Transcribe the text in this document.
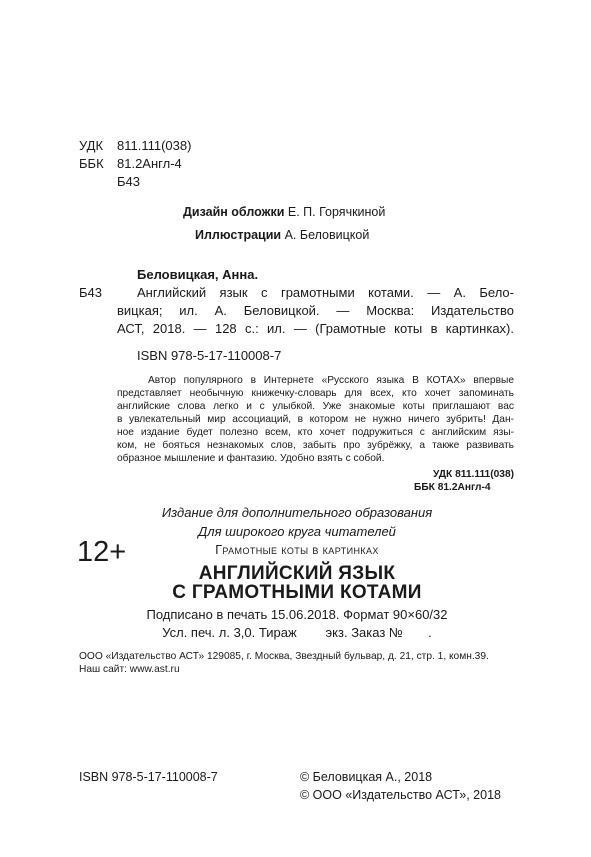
УДК 811.111(038)
ББК 81.2Англ-4
Б43
Дизайн обложки Е. П. Горячкиной
Иллюстрации А. Беловицкой
Беловицкая, Анна.
Б43	Английский язык с грамотными котами. — А. Бело-
вицкая; ил. А. Беловицкой. — Москва: Издательство
АСТ, 2018. — 128 с.: ил. — (Грамотные коты в картинках).
ISBN 978-5-17-110008-7
Автор популярного в Интернете «Русского языка В КОТАХ» впервые
представляет необычную книжечку-словарь для всех, кто хочет запоминать
английские слова легко и с улыбкой. Уже знакомые коты приглашают вас
в увлекательный мир ассоциаций, в котором не нужно ничего зубрить! Дан-
ное издание будет полезно всем, кто хочет подружиться с английским язы-
ком, не бояться незнакомых слов, забыть про зубрёжку, а также развивать
образное мышление и фантазию. Удобно взять с собой.
УДК 811.111(038)
ББК 81.2Англ-4
Издание для дополнительного образования
Для широкого круга читателей
12+	Грамотные коты в картинках
АНГЛИЙСКИЙ ЯЗЫК
С ГРАМОТНЫМИ КОТАМИ
Подписано в печать 15.06.2018. Формат 90×60/32
Усл. печ. л. 3,0. Тираж        экз. Заказ №       .
ООО «Издательство АСТ» 129085, г. Москва, Звездный бульвар, д. 21, стр. 1, комн.39.
Наш сайт: www.ast.ru
ISBN 978-5-17-110008-7	© Беловицкая А., 2018
© ООО «Издательство АСТ», 2018
